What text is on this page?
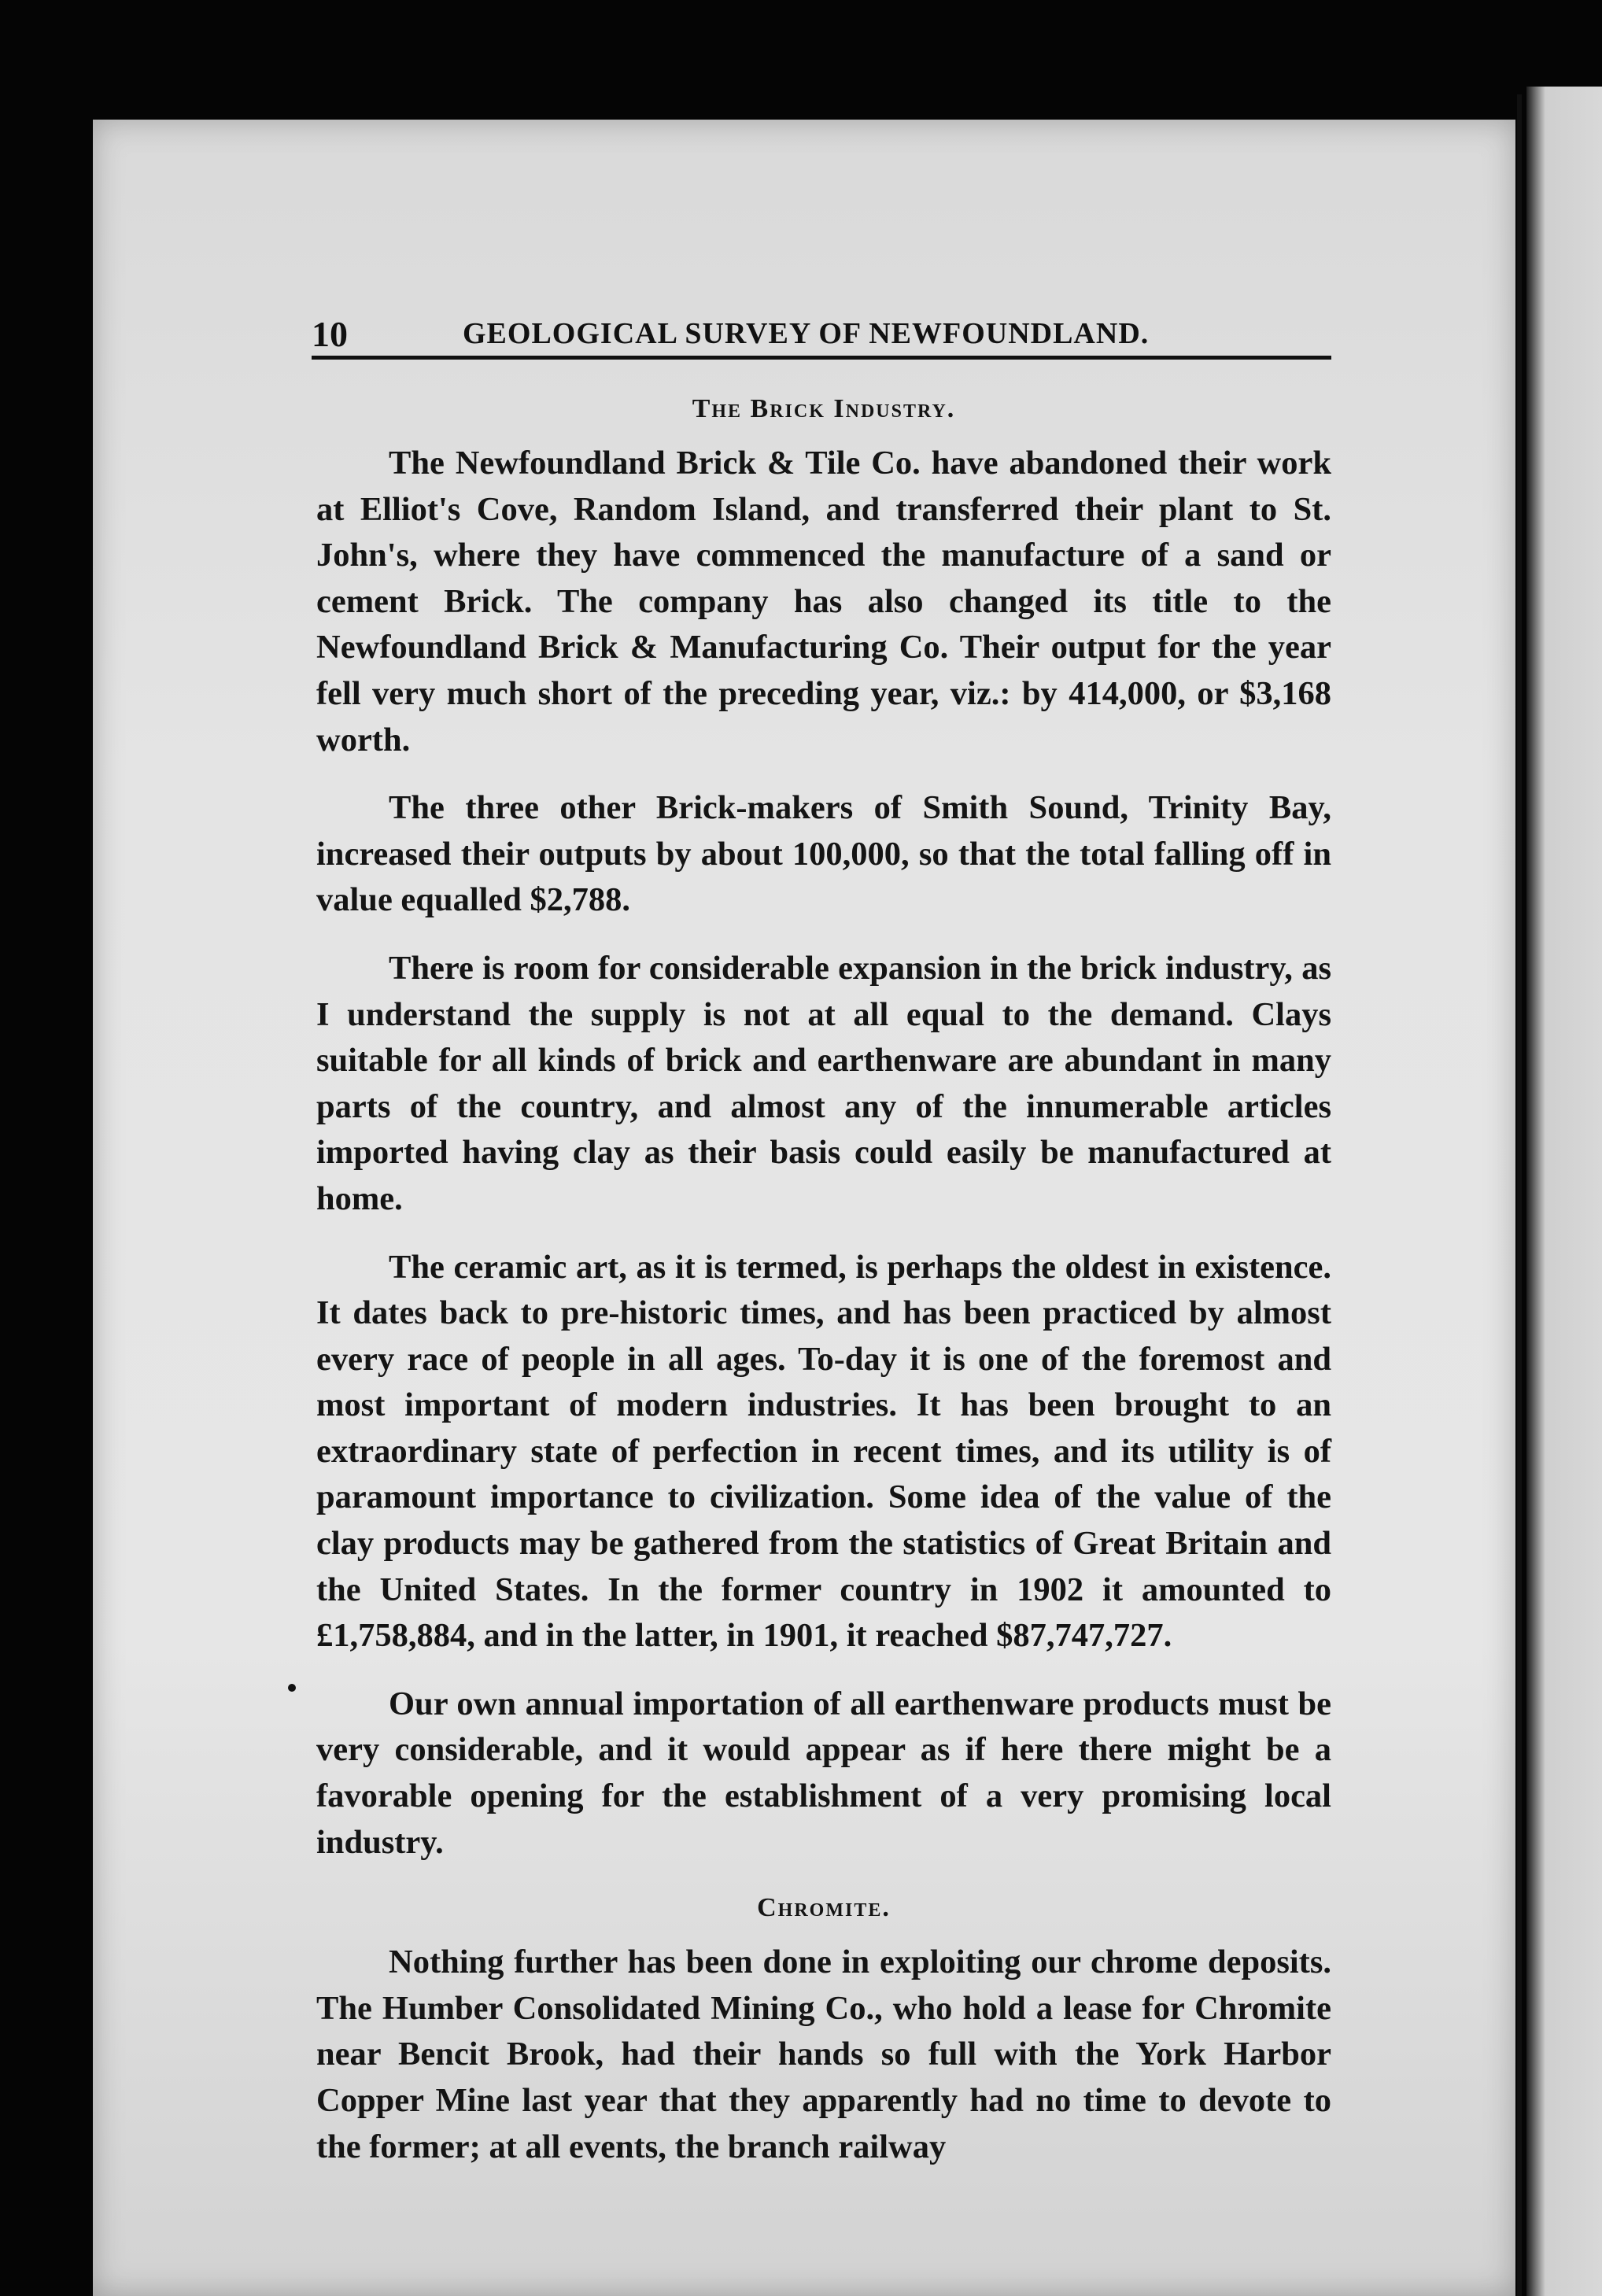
10	GEOLOGICAL SURVEY OF NEWFOUNDLAND.
The Brick Industry.

The Newfoundland Brick & Tile Co. have abandoned their work at Elliot's Cove, Random Island, and transferred their plant to St. John's, where they have commenced the manufacture of a sand or cement Brick. The company has also changed its title to the Newfoundland Brick & Manufacturing Co. Their output for the year fell very much short of the preceding year, viz.: by 414,000, or $3,168 worth.

The three other Brick-makers of Smith Sound, Trinity Bay, increased their outputs by about 100,000, so that the total falling off in value equalled $2,788.

There is room for considerable expansion in the brick industry, as I understand the supply is not at all equal to the demand. Clays suitable for all kinds of brick and earthenware are abundant in many parts of the country, and almost any of the innumerable articles imported having clay as their basis could easily be manufactured at home.

The ceramic art, as it is termed, is perhaps the oldest in existence. It dates back to pre-historic times, and has been practiced by almost every race of people in all ages. To-day it is one of the foremost and most important of modern industries. It has been brought to an extraordinary state of perfection in recent times, and its utility is of paramount importance to civilization. Some idea of the value of the clay products may be gathered from the statistics of Great Britain and the United States. In the former country in 1902 it amounted to £1,758,884, and in the latter, in 1901, it reached $87,747,727.

Our own annual importation of all earthenware products must be very considerable, and it would appear as if here there might be a favorable opening for the establishment of a very promising local industry.

Chromite.

Nothing further has been done in exploiting our chrome deposits. The Humber Consolidated Mining Co., who hold a lease for Chromite near Bencit Brook, had their hands so full with the York Harbor Copper Mine last year that they apparently had no time to devote to the former; at all events, the branch railway
